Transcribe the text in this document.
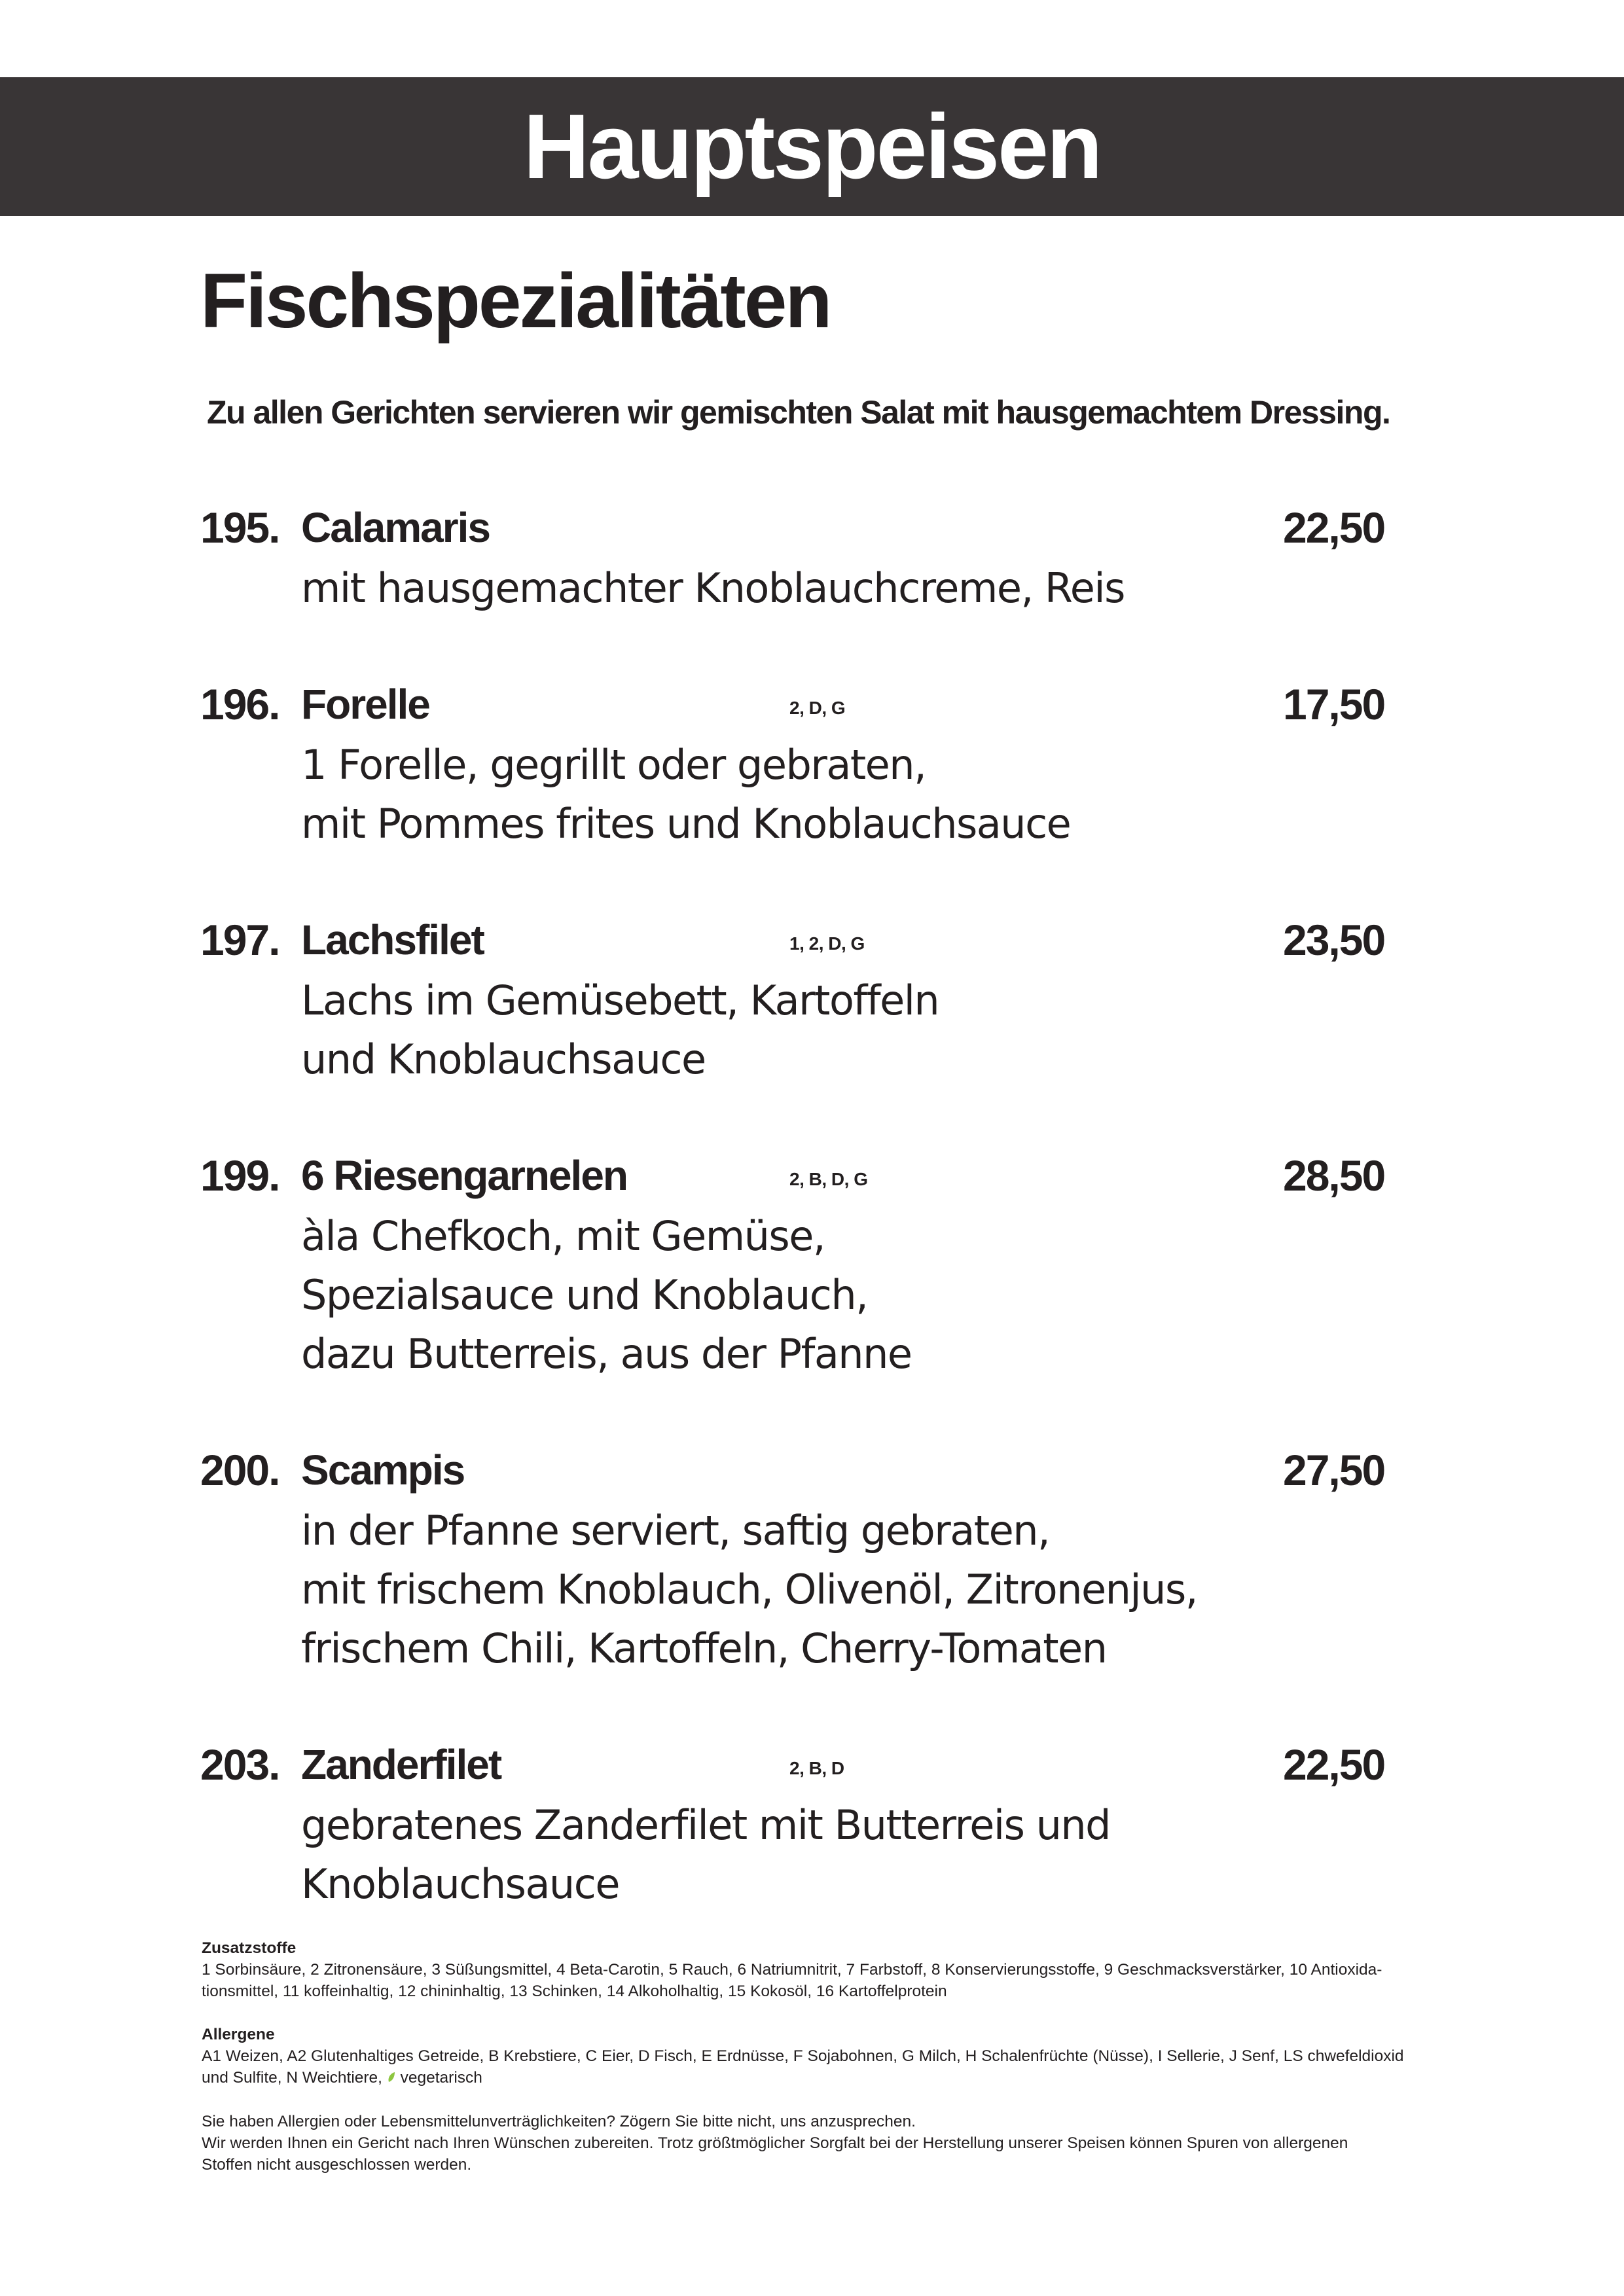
Hauptspeisen
Fischspezialitäten

Zu allen Gerichten servieren wir gemischten Salat mit hausgemachtem Dressing.

195. Calamaris	22,50
mit hausgemachter Knoblauchcreme, Reis
196. Forelle	2, D, G	17,50
1 Forelle, gegrillt oder gebraten,
mit Pommes frites und Knoblauchsauce
197. Lachsfilet	1, 2, D, G	23,50
Lachs im Gemüsebett, Kartoffeln
und Knoblauchsauce
199. 6 Riesengarnelen	2, B, D, G	28,50
àla Chefkoch, mit Gemüse,
Spezialsauce und Knoblauch,
dazu Butterreis, aus der Pfanne
200. Scampis	27,50
in der Pfanne serviert, saftig gebraten,
mit frischem Knoblauch, Olivenöl, Zitronenjus,
frischem Chili, Kartoffeln, Cherry-Tomaten
203. Zanderfilet	2, B, D	22,50
gebratenes Zanderfilet mit Butterreis und
Knoblauchsauce
Zusatzstoffe
1 Sorbinsäure, 2 Zitronensäure, 3 Süßungsmittel, 4 Beta-Carotin, 5 Rauch, 6 Natriumnitrit, 7 Farbstoff, 8 Konservierungsstoffe, 9 Geschmacksverstärker, 10 Antioxida-
tionsmittel, 11 koffeinhaltig, 12 chininhaltig, 13 Schinken, 14 Alkoholhaltig, 15 Kokosöl, 16 Kartoffelprotein
Allergene
A1 Weizen, A2 Glutenhaltiges Getreide, B Krebstiere, C Eier, D Fisch, E Erdnüsse, F Sojabohnen, G Milch, H Schalenfrüchte (Nüsse), I Sellerie, J Senf, LS chwefeldioxid
und Sulfite, N Weichtiere, vegetarisch
Sie haben Allergien oder Lebensmittelunverträglichkeiten? Zögern Sie bitte nicht, uns anzusprechen.
Wir werden Ihnen ein Gericht nach Ihren Wünschen zubereiten. Trotz größtmöglicher Sorgfalt bei der Herstellung unserer Speisen können Spuren von allergenen
Stoffen nicht ausgeschlossen werden.
